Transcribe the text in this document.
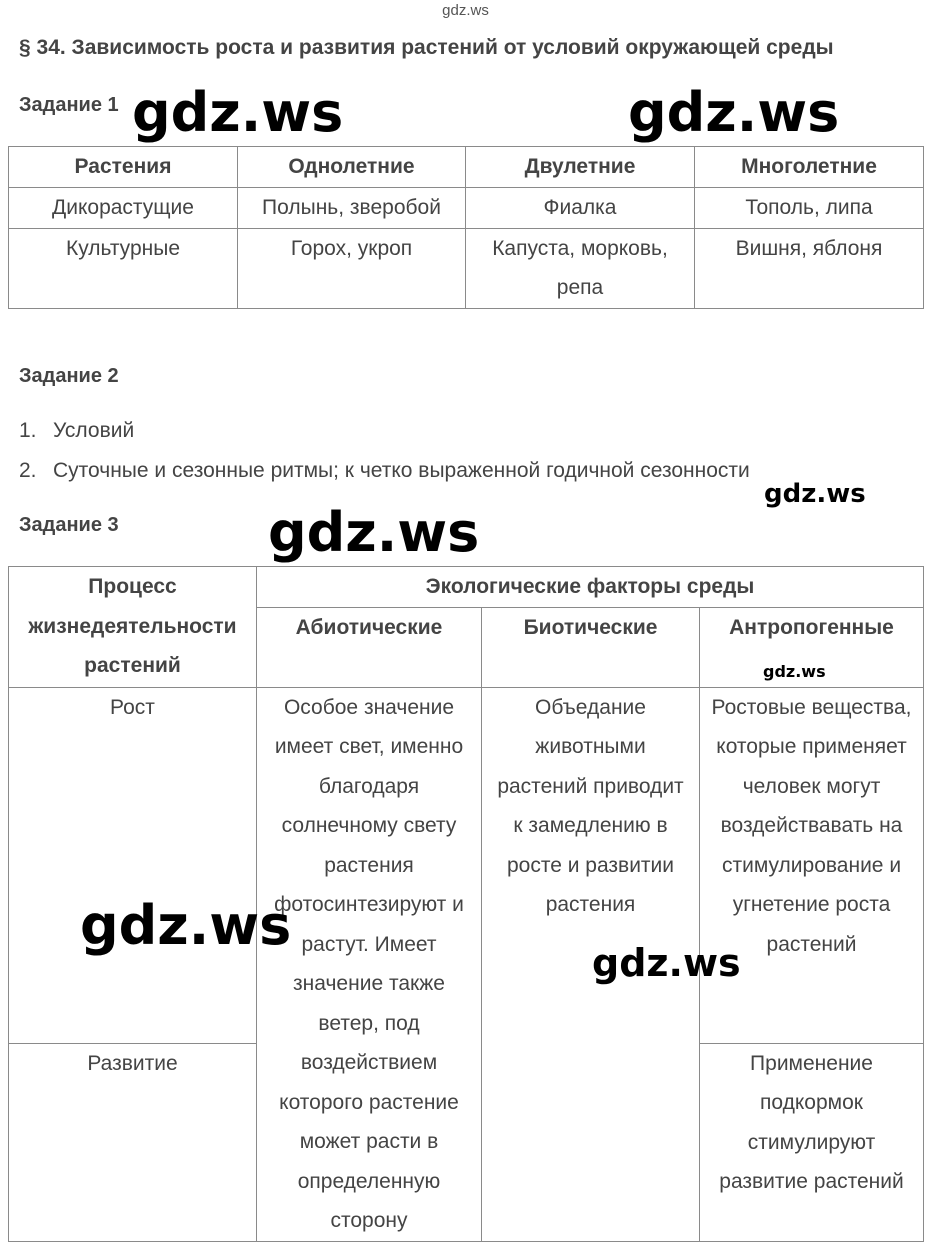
gdz.ws
§ 34. Зависимость роста и развития растений от условий окружающей среды
Задание 1
Растения	Однолетние	Двулетние	Многолетние
Дикорастущие	Полынь, зверобой	Фиалка	Тополь, липа
Культурные	Горох, укроп	Капуста, морковь, репа	Вишня, яблоня
Задание 2
1. Условий
2. Суточные и сезонные ритмы; к четко выраженной годичной сезонности
Задание 3
Процесс жизнедеятельности растений	Экологические факторы среды		
	Абиотические	Биотические	Антропогенные
Рост	Особое значение имеет свет, именно благодаря солнечному свету растения фотосинтезируют и растут. Имеет значение также ветер, под воздействием которого растение может расти в определенную сторону	Объедание животными растений приводит к замедлению в росте и развитии растения	Ростовые вещества, которые применяет человек могут воздействавать на стимулирование и угнетение роста растений
Развитие			Применение подкормок стимулируют развитие растений
gdz.ws	gdz.ws
gdz.ws
gdz.ws
gdz.ws
gdz.ws
gdz.ws
